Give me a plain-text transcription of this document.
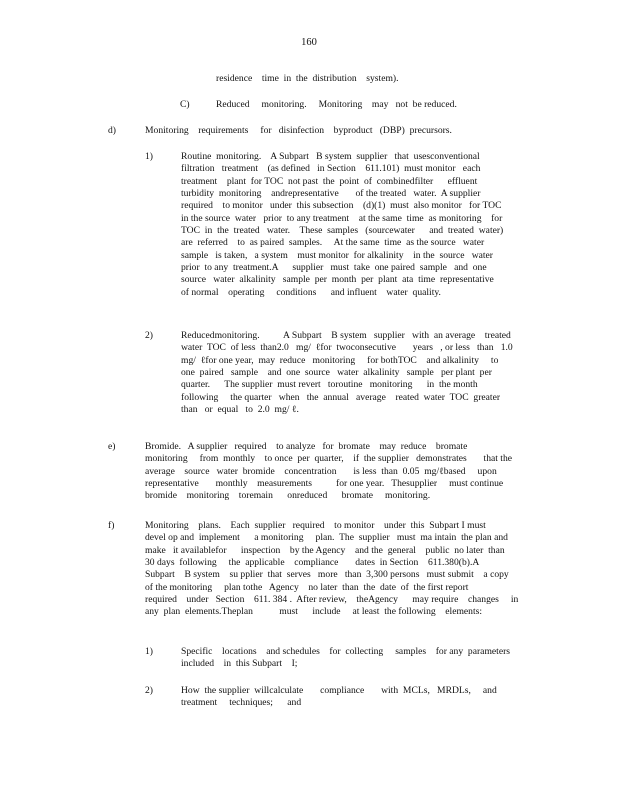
160
residence    time  in  the  distribution    system).
C)	Reduced     monitoring.     Monitoring    may   not  be reduced.
d)	Monitoring    requirements     for   disinfection    byproduct   (DBP)  precursors.
1)	Routine  monitoring.    A Subpart   B system  supplier   that  usesconventional
filtration   treatment    (as defined   in Section    611.101)  must monitor   each
treatment    plant  for TOC  not past  the  point  of  combinedfilter      effluent
turbidity  monitoring    andrepresentative       of the treated   water.  A supplier
required    to monitor   under  this subsection    (d)(1)  must  also monitor   for TOC
in the source  water   prior  to any treatment    at the same  time  as monitoring    for
TOC  in  the  treated   water.    These  samples   (sourcewater      and  treated  water)
are  referred    to  as paired  samples.     At the same  time  as the source   water
sample   is taken,   a system    must monitor  for alkalinity    in the  source   water
prior  to any  treatment.A      supplier   must  take  one paired  sample   and  one
source   water  alkalinity   sample  per  month  per  plant  ata  time  representative
of normal    operating     conditions      and influent    water  quality.
2)	Reducedmonitoring.          A Subpart    B system   supplier   with  an average    treated
water  TOC  of less  than2.0   mg/  ℓfor  twoconsecutive       years   , or less   than   1.0
mg/  ℓfor one year,  may  reduce   monitoring     for bothTOC    and alkalinity     to
one  paired   sample    and  one  source   water  alkalinity   sample   per plant  per
quarter.      The supplier  must revert   toroutine   monitoring      in  the month
following     the quarter   when   the  annual   average    reated  water  TOC  greater
than   or  equal   to  2.0  mg/ ℓ.
e)	Bromide.   A supplier   required    to analyze   for  bromate    may  reduce    bromate
monitoring     from  monthly    to once  per  quarter,    if  the supplier   demonstrates       that the
average    source   water  bromide    concentration       is less  than  0.05  mg/ℓbased     upon
representative       monthly    measurements          for one year.   Thesupplier     must continue
bromide    monitoring    toremain      onreduced      bromate     monitoring.
f)	Monitoring    plans.    Each  supplier   required    to monitor    under  this  Subpart I must
devel op and  implement      a monitoring     plan.  The  supplier   must  ma intain  the plan and
make   it availablefor      inspection    by the Agency    and the  general    public  no later  than
30 days  following     the  applicable    compliance       dates  in Section    611.380(b).A
Subpart    B system    su pplier  that  serves   more   than  3,300 persons   must submit    a copy
of the monitoring     plan tothe   Agency    no later  than  the  date  of  the first report
required    under   Section    611. 384 .  After review,    theAgency      may require    changes     in
any  plan  elements.Theplan           must      include     at least  the following    elements:
1)	Specific    locations    and schedules    for  collecting     samples    for any  parameters
included    in  this Subpart    I;
2)	How  the supplier  willcalculate       compliance       with  MCLs,   MRDLs,     and
treatment     techniques;      and
